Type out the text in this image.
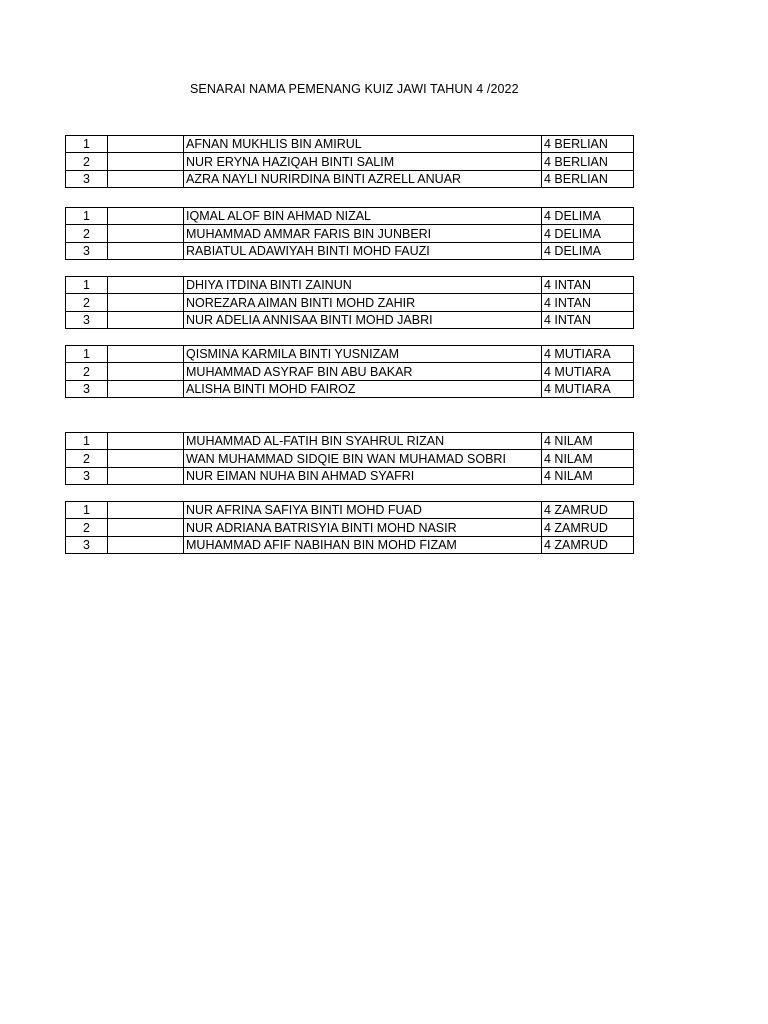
SENARAI NAMA PEMENANG KUIZ JAWI TAHUN 4 /2022
1		AFNAN MUKHLIS BIN AMIRUL	4 BERLIAN
2		NUR ERYNA HAZIQAH BINTI SALIM	4 BERLIAN
3		AZRA NAYLI NURIRDINA BINTI AZRELL ANUAR	4 BERLIAN
1		IQMAL ALOF BIN AHMAD NIZAL	4 DELIMA
2		MUHAMMAD AMMAR FARIS BIN JUNBERI	4 DELIMA
3		RABIATUL ADAWIYAH BINTI MOHD FAUZI	4 DELIMA
1		DHIYA ITDINA BINTI ZAINUN	4 INTAN
2		NOREZARA AIMAN BINTI MOHD ZAHIR	4 INTAN
3		NUR ADELIA ANNISAA BINTI MOHD JABRI	4 INTAN
1		QISMINA KARMILA BINTI YUSNIZAM	4 MUTIARA
2		MUHAMMAD ASYRAF BIN ABU BAKAR	4 MUTIARA
3		ALISHA BINTI MOHD FAIROZ	4 MUTIARA
1		MUHAMMAD AL-FATIH BIN SYAHRUL RIZAN	4 NILAM
2		WAN MUHAMMAD SIDQIE BIN WAN MUHAMAD SOBRI	4 NILAM
3		NUR EIMAN NUHA BIN AHMAD SYAFRI	4 NILAM
1		NUR AFRINA SAFIYA BINTI MOHD FUAD	4 ZAMRUD
2		NUR ADRIANA BATRISYIA BINTI MOHD NASIR	4 ZAMRUD
3		MUHAMMAD AFIF NABIHAN BIN MOHD FIZAM	4 ZAMRUD
